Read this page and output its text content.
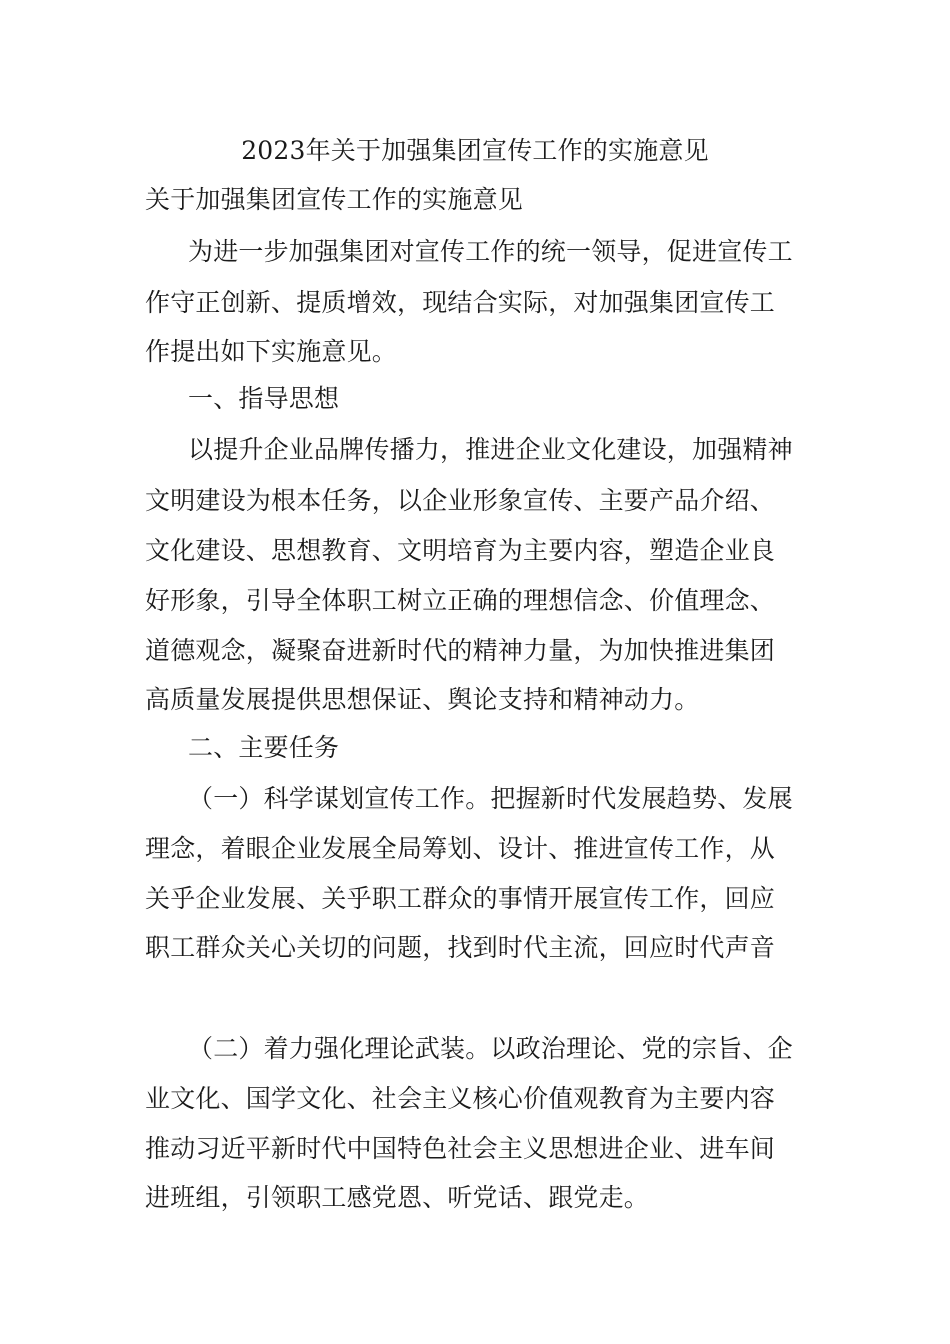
2023年关于加强集团宣传工作的实施意见
关于加强集团宣传工作的实施意见
为进一步加强集团对宣传工作的统一领导，促进宣传工
作守正创新、提质增效，现结合实际，对加强集团宣传工
作提出如下实施意见。
一、指导思想
以提升企业品牌传播力，推进企业文化建设，加强精神
文明建设为根本任务，以企业形象宣传、主要产品介绍、
文化建设、思想教育、文明培育为主要内容，塑造企业良
好形象，引导全体职工树立正确的理想信念、价值理念、
道德观念，凝聚奋进新时代的精神力量，为加快推进集团
高质量发展提供思想保证、舆论支持和精神动力。
二、主要任务
（一）科学谋划宣传工作。把握新时代发展趋势、发展
理念，着眼企业发展全局筹划、设计、推进宣传工作，从
关乎企业发展、关乎职工群众的事情开展宣传工作，回应
职工群众关心关切的问题，找到时代主流，回应时代声音
（二）着力强化理论武装。以政治理论、党的宗旨、企
业文化、国学文化、社会主义核心价值观教育为主要内容
推动习近平新时代中国特色社会主义思想进企业、进车间
进班组，引领职工感党恩、听党话、跟党走。
